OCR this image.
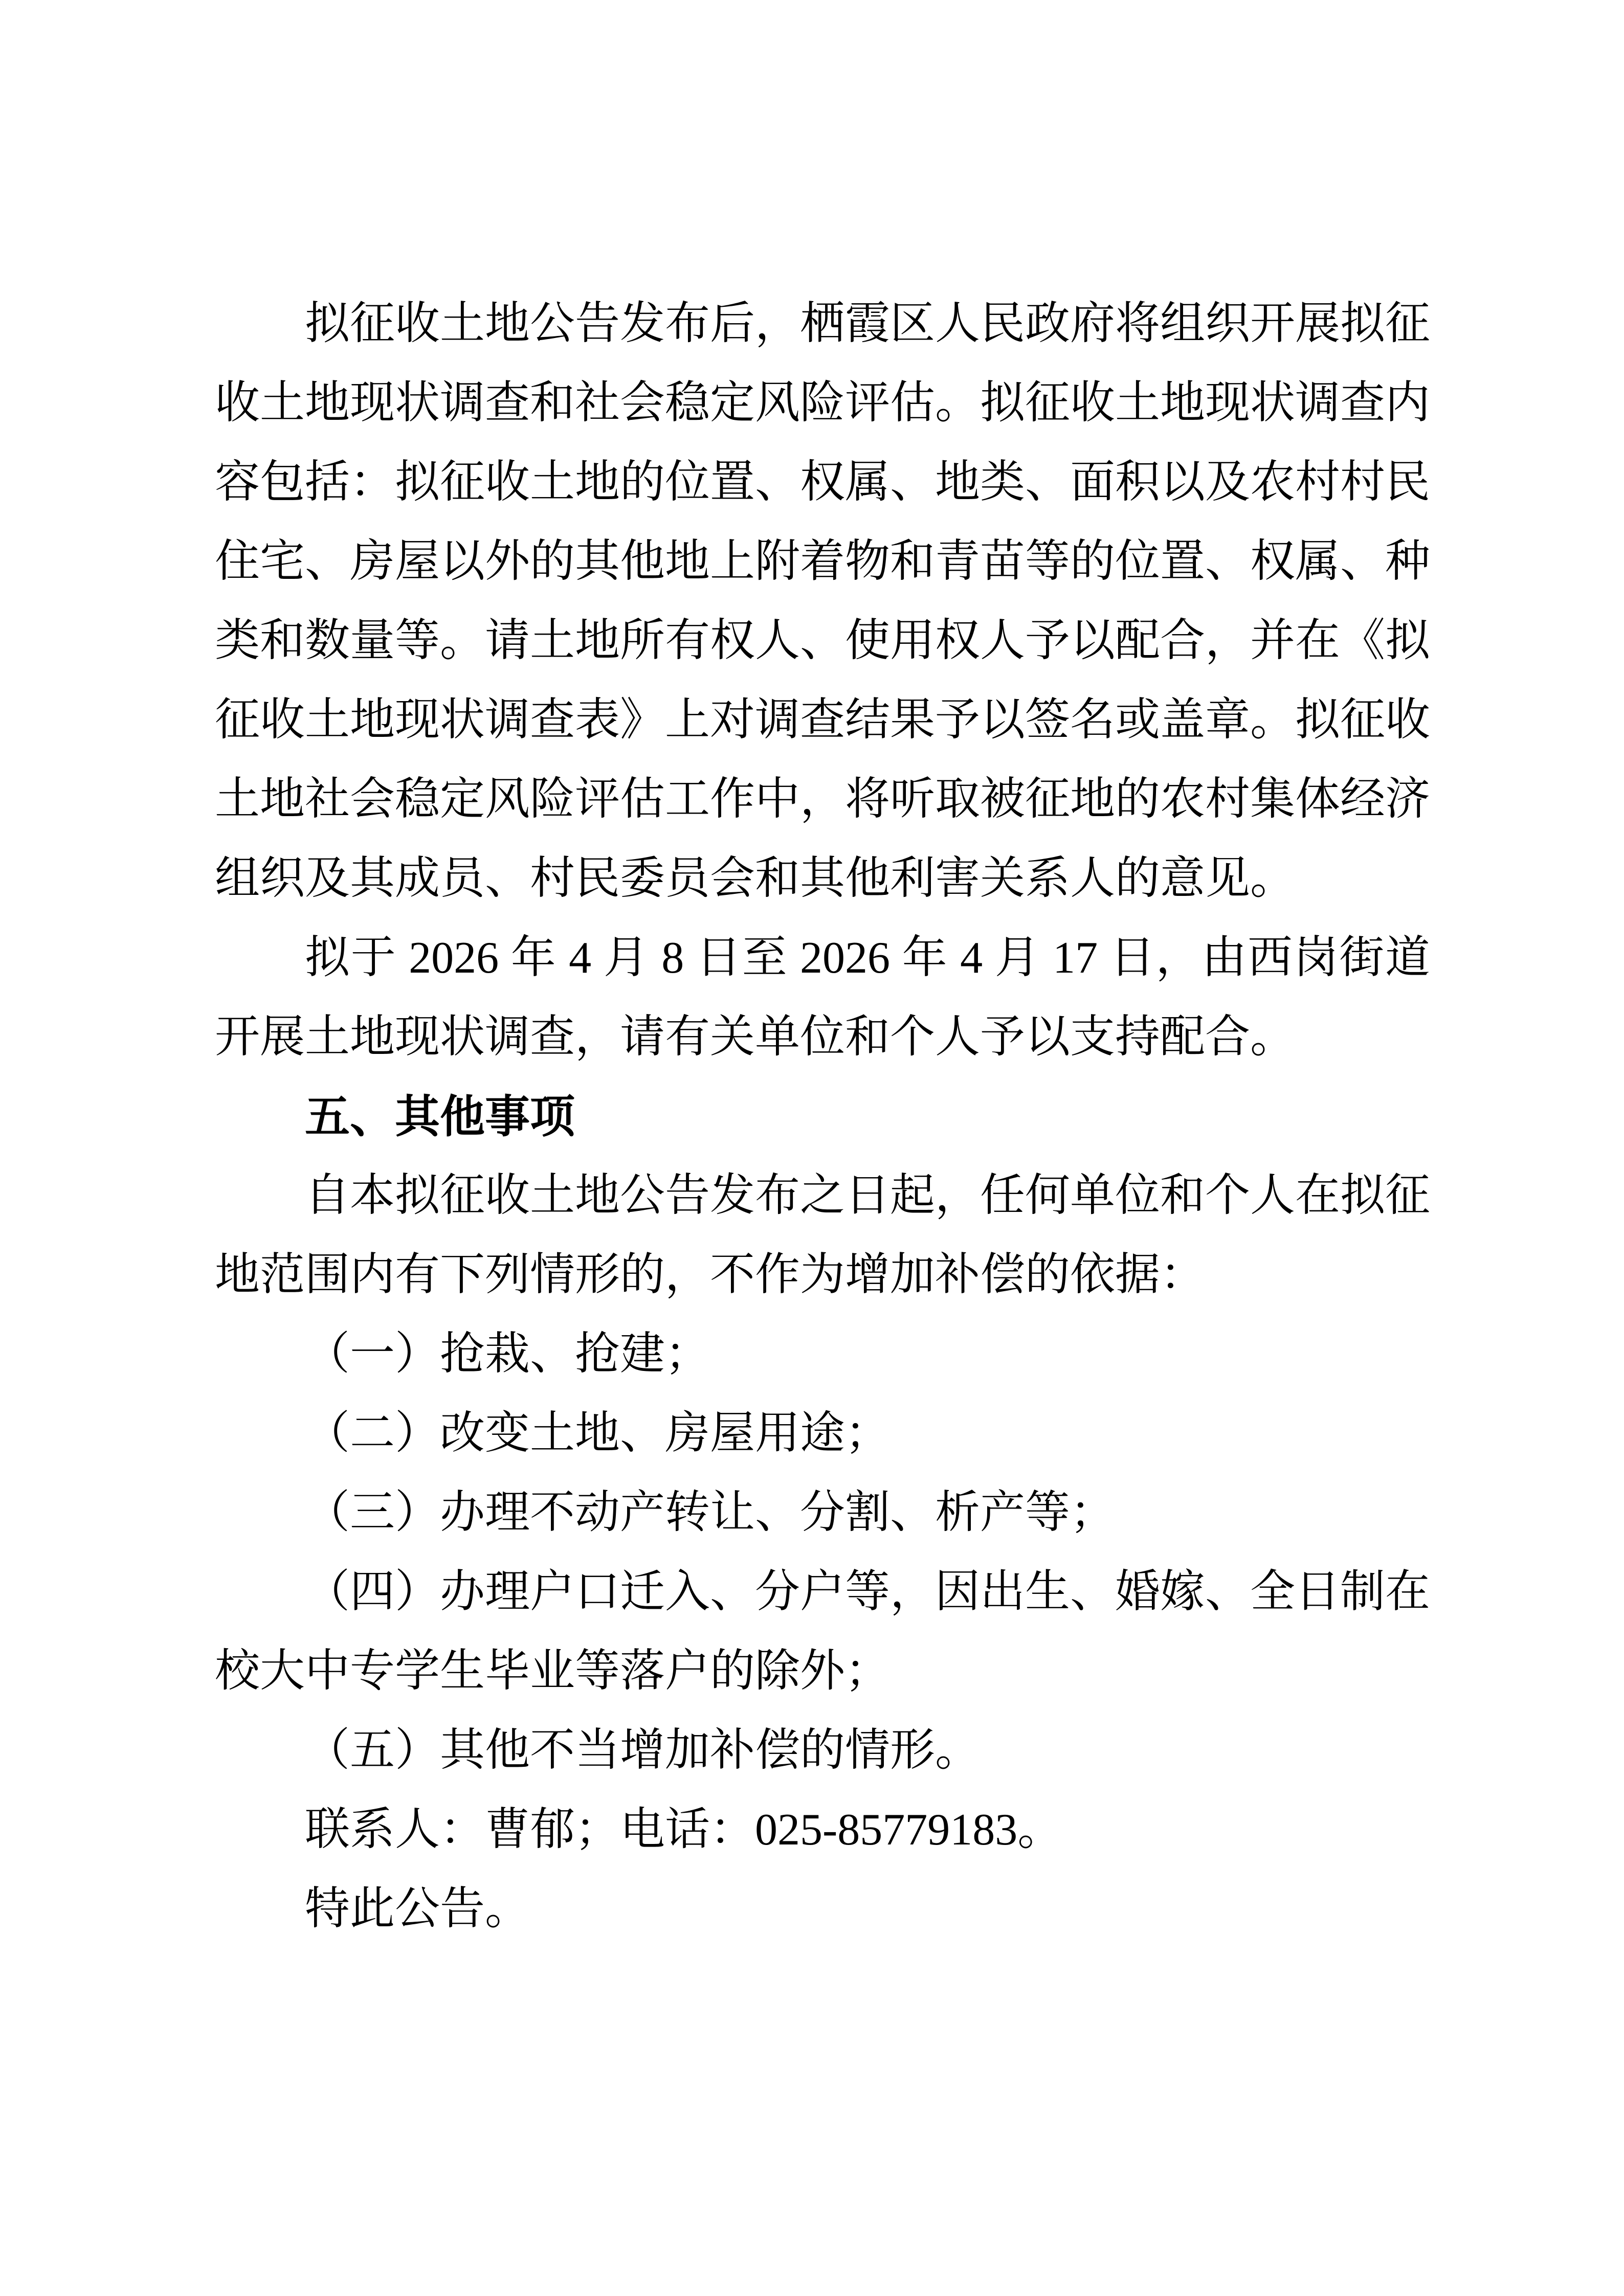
拟征收土地公告发布后，栖霞区人民政府将组织开展拟征收土地现状调查和社会稳定风险评估。拟征收土地现状调查内容包括：拟征收土地的位置、权属、地类、面积以及农村村民住宅、房屋以外的其他地上附着物和青苗等的位置、权属、种类和数量等。请土地所有权人、使用权人予以配合，并在《拟征收土地现状调查表》上对调查结果予以签名或盖章。拟征收土地社会稳定风险评估工作中，将听取被征地的农村集体经济组织及其成员、村民委员会和其他利害关系人的意见。

拟于 2026 年 4 月 8 日至 2026 年 4 月 17 日，由西岗街道开展土地现状调查，请有关单位和个人予以支持配合。

五、其他事项

自本拟征收土地公告发布之日起，任何单位和个人在拟征地范围内有下列情形的，不作为增加补偿的依据：

（一）抢栽、抢建；

（二）改变土地、房屋用途；

（三）办理不动产转让、分割、析产等；

（四）办理户口迁入、分户等，因出生、婚嫁、全日制在校大中专学生毕业等落户的除外；

（五）其他不当增加补偿的情形。

联系人：曹郁；电话：025-85779183。

特此公告。
